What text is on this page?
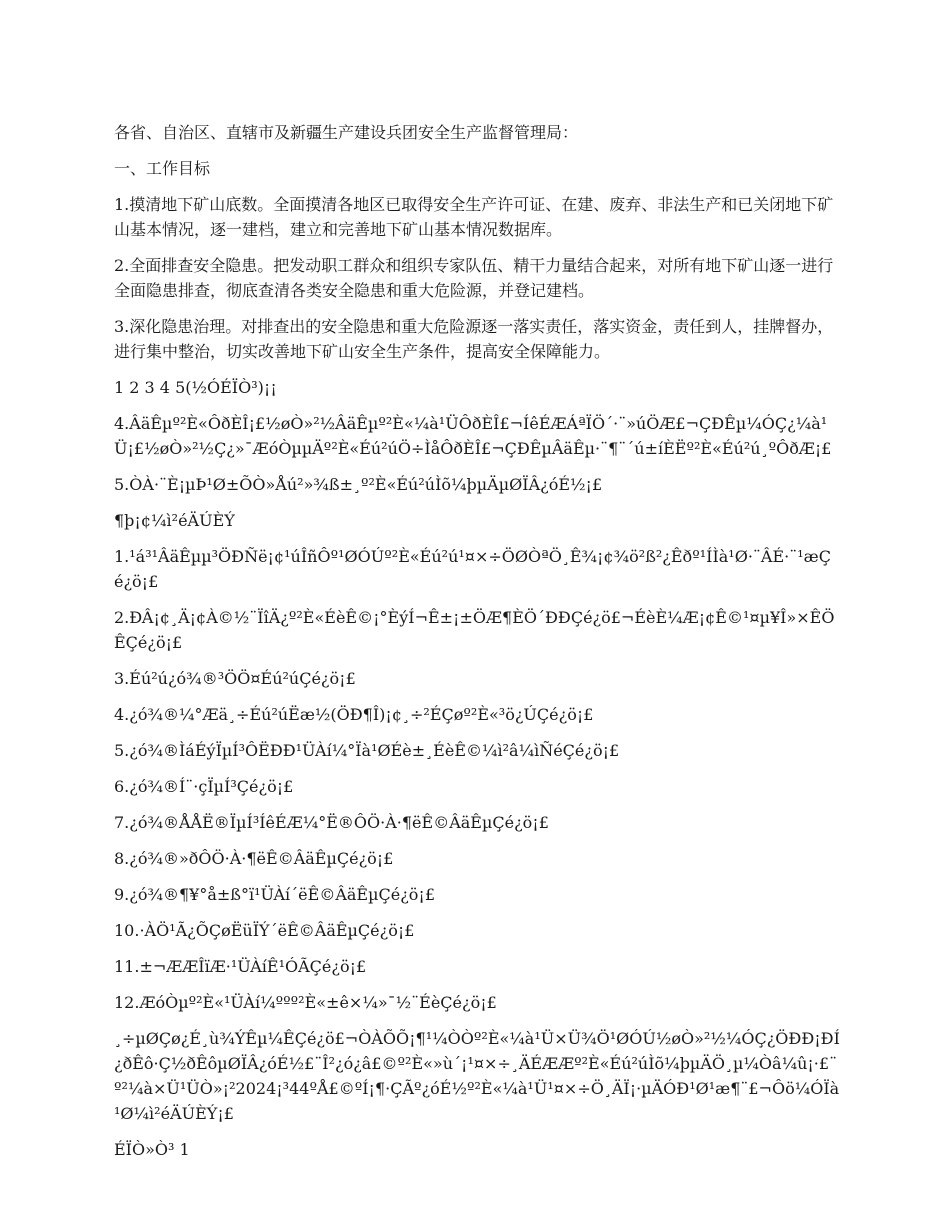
各省、自治区、直辖市及新疆生产建设兵团安全生产监督管理局：

一、工作目标

1.摸清地下矿山底数。全面摸清各地区已取得安全生产许可证、在建、废弃、非法生产和已关闭地下矿山基本情况，逐一建档，建立和完善地下矿山基本情况数据库。

2.全面排查安全隐患。把发动职工群众和组织专家队伍、精干力量结合起来，对所有地下矿山逐一进行全面隐患排查，彻底查清各类安全隐患和重大危险源，并登记建档。

3.深化隐患治理。对排查出的安全隐患和重大危险源逐一落实责任，落实资金，责任到人，挂牌督办，进行集中整治，切实改善地下矿山安全生产条件，提高安全保障能力。

1 2 3 4 5(½ÓÉÏÒ³)¡¡

4.ÂäÊµº²È«ÔðÈÎ¡£½øÒ»²½ÂäÊµº²È«¼à¹ÜÔðÈÎ£¬ÍêÉÆÁªÏÖ´·¨»úÖÆ£¬ÇÐÊµ¼ÓÇ¿¼à¹Ü¡£½øÒ»²½Ç¿»¯ÆóÒµµÄº²È«Éú²úÖ÷ÌåÔðÈÎ£¬ÇÐÊµÂäÊµ·¨¶¨´ú±íÈËº²È«Éú²ú¸ºÔðÆ¡£

5.ÒÀ·¨È¡µÞ¹Ø±ÕÒ»Åú²»¾ß±¸º²È«Éú²úÌõ¼þµÄµØÏÂ¿óÉ½¡£

¶þ¡¢¼ì²éÄÚÈÝ

1.¹á³¹ÂäÊµµ³ÖÐÑë¡¢¹úÎñÔº¹ØÓÚº²È«Éú²ú¹¤×÷ÖØÒªÖ¸Ê¾¡¢¾ö²ß²¿Êðº¹ÍÌà¹Ø·¨ÂÉ·¨¹æÇé¿ö¡£

2.ÐÂ¡¢¸Ä¡¢À©½¨ÏîÄ¿º²È«ÉèÊ©¡°ÈýÍ¬Ê±¡±ÖÆ¶ÈÖ´ÐÐÇé¿ö£¬ÉèÈ¼Æ¡¢Ê©¹¤µ¥Î»×ÊÖÊÇé¿ö¡£

3.Éú²ú¿ó¾®³ÖÖ¤Éú²úÇé¿ö¡£

4.¿ó¾®¼°Æä¸÷Éú²úËæ½(ÖÐ¶Î)¡¢¸÷²ÉÇøº²È«³ö¿ÚÇé¿ö¡£

5.¿ó¾®ÌáÉýÏµÍ³ÔËÐÐ¹ÜÀí¼°Ïà¹ØÉè±¸ÉèÊ©¼ì²â¼ìÑéÇé¿ö¡£

6.¿ó¾®Í¨·çÏµÍ³Çé¿ö¡£

7.¿ó¾®ÅÅË®ÏµÍ³ÍêÉÆ¼°Ë®ÔÖ·À·¶ëÊ©ÂäÊµÇé¿ö¡£

8.¿ó¾®»ðÔÖ·À·¶ëÊ©ÂäÊµÇé¿ö¡£

9.¿ó¾®¶¥°å±ß°ï¹ÜÀí´ëÊ©ÂäÊµÇé¿ö¡£

10.·ÀÖ¹Ã¿ÕÇøËüÏÝ´ëÊ©ÂäÊµÇé¿ö¡£

11.±¬ÆÆÎïÆ·¹ÜÀíÊ¹ÓÃÇé¿ö¡£

12.ÆóÒµº²È«¹ÜÀí¼ººº²È«±ê×¼»¯½¨ÉèÇé¿ö¡£

¸÷µØÇø¿É¸ù¾ÝÊµ¼ÊÇé¿ö£¬ÒÀÕÕ¡¶¹¼ÒÒº²È«¼à¹Ü×Ü¾Ö¹ØÓÚ½øÒ»²½¼ÓÇ¿ÖÐÐ¡ÐÍ¿ðÊô·Ç½ðÊôµØÏÂ¿óÉ½£¨Î²¿ó¿â£©º²È«»ù´¡¹¤×÷¸ÄÉÆÆº²È«Éú²úÌõ¼þµÄÖ¸µ¼Òâ¼û¡·£¨º²¼à×Ü¹ÜÒ»¡²2024¡³44ºÅ£©ºÍ¡¶·ÇÃº¿óÉ½º²È«¼à¹Ü¹¤×÷Ö¸ÄÏ¡·µÄÓÐ¹Ø¹æ¶¨£¬Ôö¼ÓÏà¹Ø¼ì²éÄÚÈÝ¡£

ÉÏÒ»Ò³ 1
